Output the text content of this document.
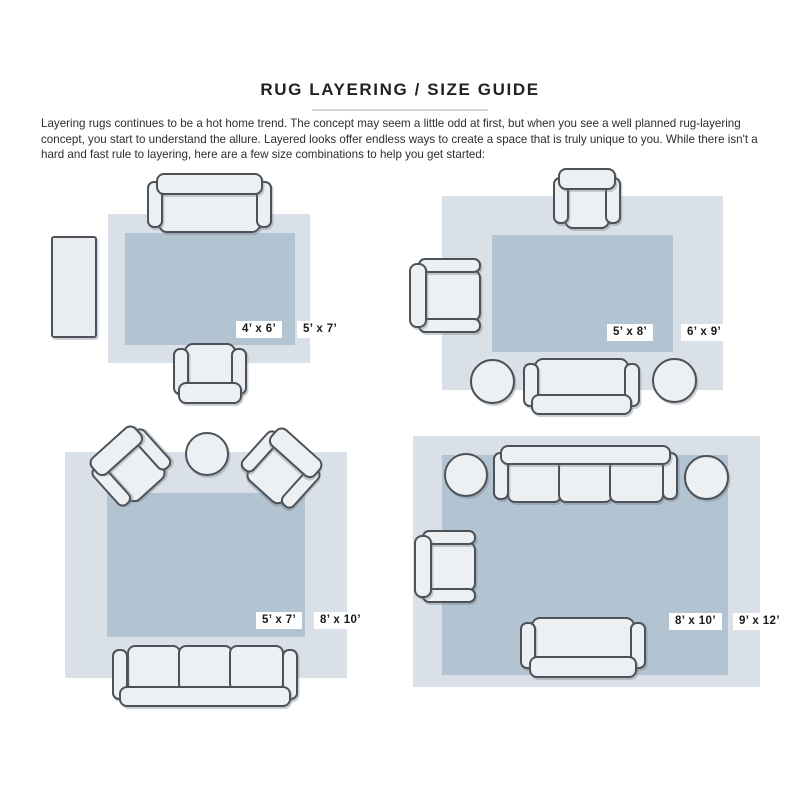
RUG LAYERING / SIZE GUIDE

Layering rugs continues to be a hot home trend. The concept may seem a little odd at first, but when you see a well planned rug-layering concept, you start to understand the allure. Layered looks offer endless ways to create a space that is truly unique to you. While there isn't a hard and fast rule to layering, here are a few size combinations to help you get started:

4’ x 6’	5’ x 7’	5’ x 8’	6’ x 9’
5’ x 7’	8’ x 10’	8’ x 10’	9’ x 12’
